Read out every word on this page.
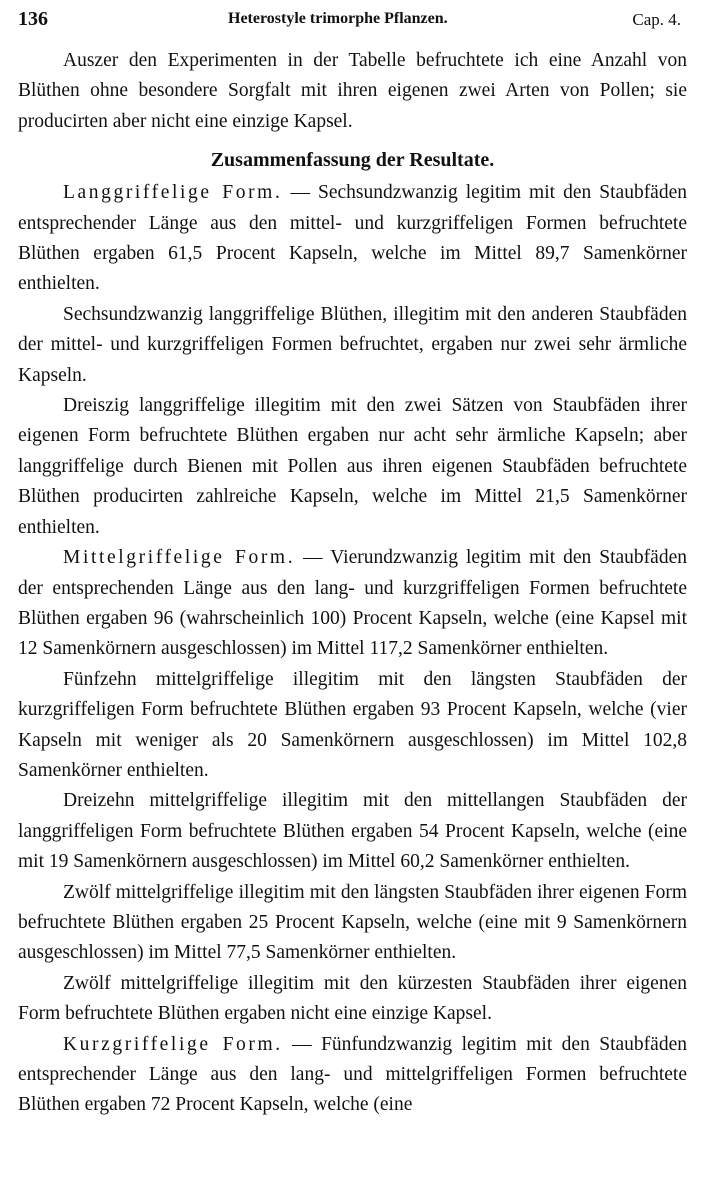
136	Heterostyle trimorphe Pflanzen.	Cap. 4.

Auszer den Experimenten in der Tabelle befruchtete ich eine Anzahl von Blüthen ohne besondere Sorgfalt mit ihren eigenen zwei Arten von Pollen; sie producirten aber nicht eine einzige Kapsel.

Zusammenfassung der Resultate.

Langgriffelige Form. — Sechsundzwanzig legitim mit den Staubfäden entsprechender Länge aus den mittel- und kurzgriffeligen Formen befruchtete Blüthen ergaben 61,5 Procent Kapseln, welche im Mittel 89,7 Samenkörner enthielten.

Sechsundzwanzig langgriffelige Blüthen, illegitim mit den anderen Staubfäden der mittel- und kurzgriffeligen Formen befruchtet, ergaben nur zwei sehr ärmliche Kapseln.

Dreiszig langgriffelige illegitim mit den zwei Sätzen von Staubfäden ihrer eigenen Form befruchtete Blüthen ergaben nur acht sehr ärmliche Kapseln; aber langgriffelige durch Bienen mit Pollen aus ihren eigenen Staubfäden befruchtete Blüthen producirten zahlreiche Kapseln, welche im Mittel 21,5 Samenkörner enthielten.

Mittelgriffelige Form. — Vierundzwanzig legitim mit den Staubfäden der entsprechenden Länge aus den lang- und kurzgriffeligen Formen befruchtete Blüthen ergaben 96 (wahrscheinlich 100) Procent Kapseln, welche (eine Kapsel mit 12 Samenkörnern ausgeschlossen) im Mittel 117,2 Samenkörner enthielten.

Fünfzehn mittelgriffelige illegitim mit den längsten Staubfäden der kurzgriffeligen Form befruchtete Blüthen ergaben 93 Procent Kapseln, welche (vier Kapseln mit weniger als 20 Samenkörnern ausgeschlossen) im Mittel 102,8 Samenkörner enthielten.

Dreizehn mittelgriffelige illegitim mit den mittellangen Staubfäden der langgriffeligen Form befruchtete Blüthen ergaben 54 Procent Kapseln, welche (eine mit 19 Samenkörnern ausgeschlossen) im Mittel 60,2 Samenkörner enthielten.

Zwölf mittelgriffelige illegitim mit den längsten Staubfäden ihrer eigenen Form befruchtete Blüthen ergaben 25 Procent Kapseln, welche (eine mit 9 Samenkörnern ausgeschlossen) im Mittel 77,5 Samenkörner enthielten.

Zwölf mittelgriffelige illegitim mit den kürzesten Staubfäden ihrer eigenen Form befruchtete Blüthen ergaben nicht eine einzige Kapsel.

Kurzgriffelige Form. — Fünfundzwanzig legitim mit den Staubfäden entsprechender Länge aus den lang- und mittelgriffeligen Formen befruchtete Blüthen ergaben 72 Procent Kapseln, welche (eine
